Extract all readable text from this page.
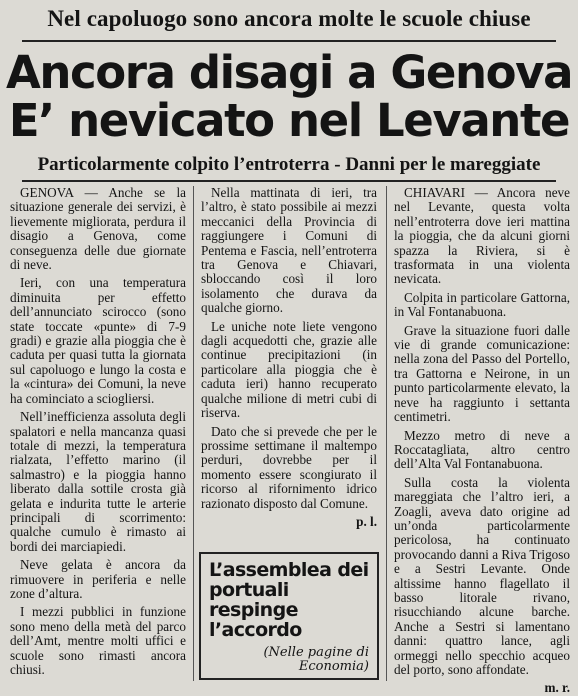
Nel capoluogo sono ancora molte le scuole chiuse
Ancora disagi a Genova
E’ nevicato nel Levante
Particolarmente colpito l’entroterra - Danni per le mareggiate

GENOVA — Anche se la situazione generale dei servizi, è lievemente migliorata, perdura il disagio a Genova, come conseguenza delle due giornate di neve.

Ieri, con una temperatura diminuita per effetto dell’annunciato scirocco (sono state toccate «punte» di 7-9 gradi) e grazie alla pioggia che è caduta per quasi tutta la giornata sul capoluogo e lungo la costa e la «cintura» dei Comuni, la neve ha cominciato a sciogliersi.

Nell’inefficienza assoluta degli spalatori e nella mancanza quasi totale di mezzi, la temperatura rialzata, l’effetto marino (il salmastro) e la pioggia hanno liberato dalla sottile crosta già gelata e indurita tutte le arterie principali di scorrimento: qualche cumulo è rimasto ai bordi dei marciapiedi.

Neve gelata è ancora da rimuovere in periferia e nelle zone d’altura.

I mezzi pubblici in funzione sono meno della metà del parco dell’Amt, mentre molti uffici e scuole sono rimasti ancora chiusi.

Nella mattinata di ieri, tra l’altro, è stato possibile ai mezzi meccanici della Provincia di raggiungere i Comuni di Pentema e Fascia, nell’entroterra tra Genova e Chiavari, sbloccando così il loro isolamento che durava da qualche giorno.

Le uniche note liete vengono dagli acquedotti che, grazie alle continue precipitazioni (in particolare alla pioggia che è caduta ieri) hanno recuperato qualche milione di metri cubi di riserva.

Dato che si prevede che per le prossime settimane il maltempo perduri, dovrebbe per il momento essere scongiurato il ricorso al rifornimento idrico razionato disposto dal Comune.

p. l.
L’assemblea dei portuali respinge l’accordo
(Nelle pagine di Economia)

CHIAVARI — Ancora neve nel Levante, questa volta nell’entroterra dove ieri mattina la pioggia, che da alcuni giorni spazza la Riviera, si è trasformata in una violenta nevicata.

Colpita in particolare Gattorna, in Val Fontanabuona.

Grave la situazione fuori dalle vie di grande comunicazione: nella zona del Passo del Portello, tra Gattorna e Neirone, in un punto particolarmente elevato, la neve ha raggiunto i settanta centimetri.

Mezzo metro di neve a Roccatagliata, altro centro dell’Alta Val Fontanabuona.

Sulla costa la violenta mareggiata che l’altro ieri, a Zoagli, aveva dato origine ad un’onda particolarmente pericolosa, ha continuato provocando danni a Riva Trigoso e a Sestri Levante. Onde altissime hanno flagellato il basso litorale rivano, risucchiando alcune barche. Anche a Sestri si lamentano danni: quattro lance, agli ormeggi nello specchio acqueo del porto, sono affondate.

m. r.
